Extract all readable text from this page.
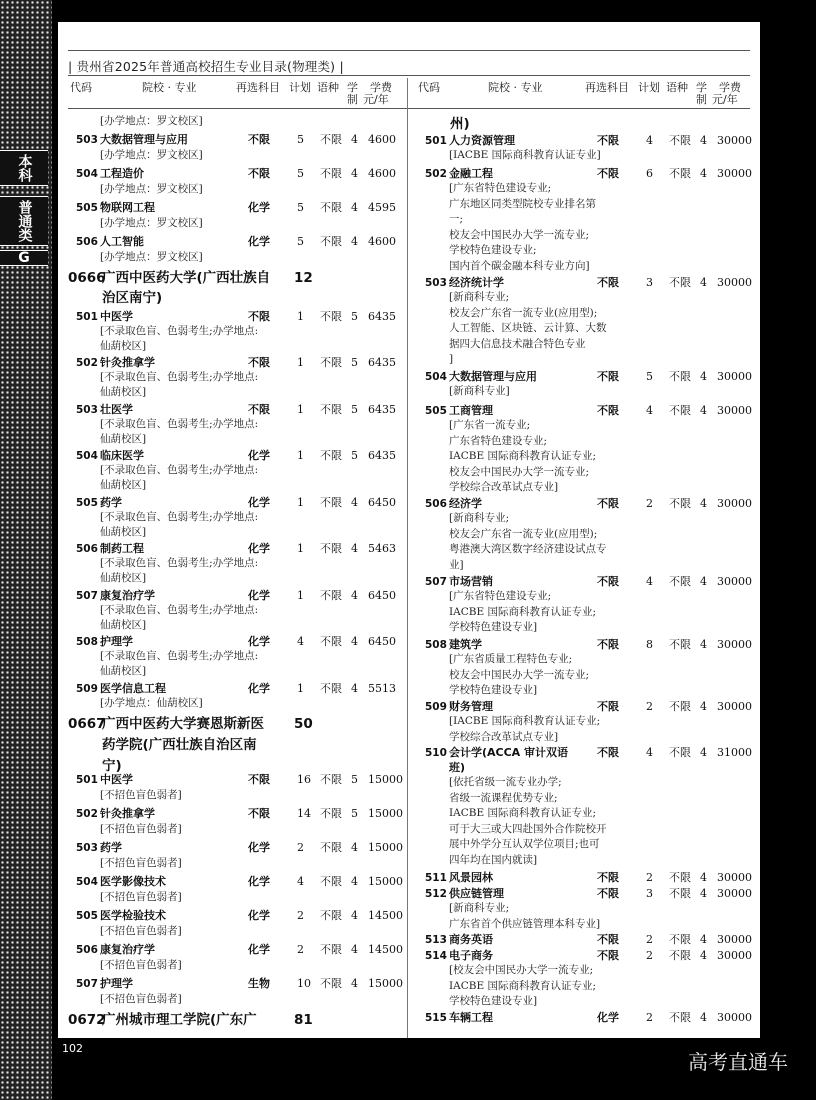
本科
普通类
G
| 贵州省2025年普通高校招生专业目录(物理类) |
代码	院校 · 专业	再选科目 计划 语种 学
制
学费
元/年
代码	院校 · 专业	再选科目 计划 语种 学
制
学费
元/年
[办学地点：罗文校区]
503 大数据管理与应用	不限 5 不限 4 4600
[办学地点：罗文校区]
504 工程造价	不限 5 不限 4 4600
[办学地点：罗文校区]
505 物联网工程	化学 5 不限 4 4595
[办学地点：罗文校区]
506 人工智能	化学 5 不限 4 4600
[办学地点：罗文校区]
0666
广西中医药大学(广西壮族自
治区南宁)
12
501 中医学	不限 1 不限 5 6435
[不录取色盲、色弱考生;办学地点:
仙葫校区]
502 针灸推拿学	不限 1 不限 5 6435
[不录取色盲、色弱考生;办学地点:
仙葫校区]
503 壮医学	不限 1 不限 5 6435
[不录取色盲、色弱考生;办学地点:
仙葫校区]
504 临床医学	化学 1 不限 5 6435
[不录取色盲、色弱考生;办学地点:
仙葫校区]
505 药学	化学 1 不限 4 6450
[不录取色盲、色弱考生;办学地点:
仙葫校区]
506 制药工程	化学 1 不限 4 5463
[不录取色盲、色弱考生;办学地点:
仙葫校区]
507 康复治疗学	化学 1 不限 4 6450
[不录取色盲、色弱考生;办学地点:
仙葫校区]
508 护理学	化学 4 不限 4 6450
[不录取色盲、色弱考生;办学地点:
仙葫校区]
509 医学信息工程	化学 1 不限 4 5513
[办学地点：仙葫校区]
0667
广西中医药大学赛恩斯新医
药学院(广西壮族自治区南
宁)
50
501 中医学	不限 16 不限 5 15000
[不招色盲色弱者]
502 针灸推拿学	不限 14 不限 5 15000
[不招色盲色弱者]
503 药学	化学 2 不限 4 15000
[不招色盲色弱者]
504 医学影像技术	化学 4 不限 4 15000
[不招色盲色弱者]
505 医学检验技术	化学 2 不限 4 14500
[不招色盲色弱者]
506 康复治疗学	化学 2 不限 4 14500
[不招色盲色弱者]
507 护理学	生物 10 不限 4 15000
[不招色盲色弱者]
0672
广州城市理工学院(广东广	81
州)
501 人力资源管理	不限 4 不限 4 30000
[IACBE 国际商科教育认证专业]
502 金融工程	不限 6 不限 4 30000
[广东省特色建设专业;
广东地区同类型院校专业排名第
一;
校友会中国民办大学一流专业;
学校特色建设专业;
国内首个碳金融本科专业方向]
503 经济统计学	不限 3 不限 4 30000
[新商科专业;
校友会广东省一流专业(应用型);
人工智能、区块链、云计算、大数
据四大信息技术融合特色专业
]
504 大数据管理与应用	不限 5 不限 4 30000
[新商科专业]
505 工商管理	不限 4 不限 4 30000
[广东省一流专业;
广东省特色建设专业;
IACBE 国际商科教育认证专业;
校友会中国民办大学一流专业;
学校综合改革试点专业]
506 经济学	不限 2 不限 4 30000
[新商科专业;
校友会广东省一流专业(应用型);
粤港澳大湾区数字经济建设试点专
业]
507 市场营销	不限 4 不限 4 30000
[广东省特色建设专业;
IACBE 国际商科教育认证专业;
学校特色建设专业]
508 建筑学	不限 8 不限 4 30000
[广东省质量工程特色专业;
校友会中国民办大学一流专业;
学校特色建设专业]
509 财务管理	不限 2 不限 4 30000
[IACBE 国际商科教育认证专业;
学校综合改革试点专业]
510 会计学(ACCA 审计双语	不限 4 不限 4 31000
班)
[依托省级一流专业办学;
省级一流课程优势专业;
IACBE 国际商科教育认证专业;
可于大三或大四赴国外合作院校开
展中外学分互认双学位项目;也可
四年均在国内就读]
511 风景园林	不限 2 不限 4 30000
512 供应链管理	不限 3 不限 4 30000
[新商科专业;
广东省首个供应链管理本科专业]
513 商务英语	不限 2 不限 4 30000
514 电子商务	不限 2 不限 4 30000
[校友会中国民办大学一流专业;
IACBE 国际商科教育认证专业;
学校特色建设专业]
515 车辆工程	化学 2 不限 4 30000
102
高考直通车
